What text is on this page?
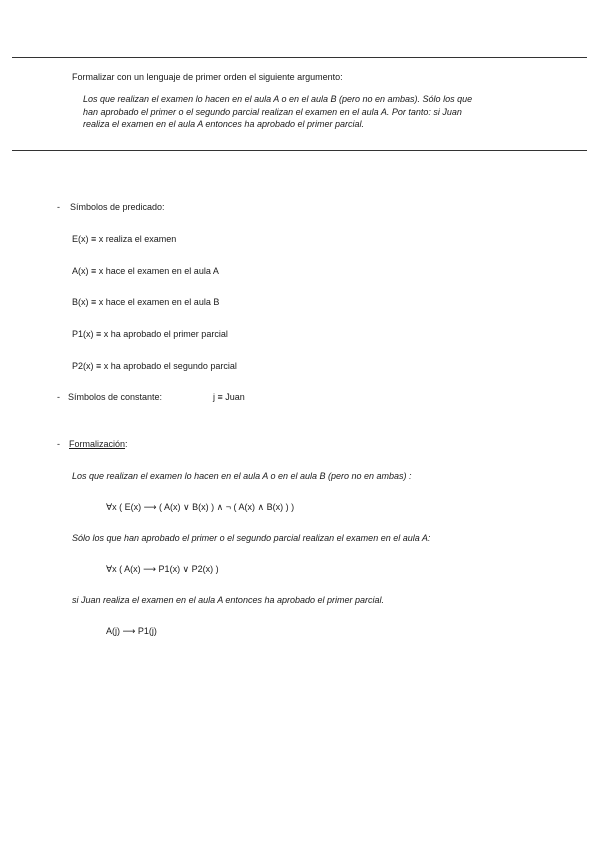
Formalizar con un lenguaje de primer orden el siguiente argumento:
Los que realizan el examen lo hacen en el aula A o en el aula B (pero no en ambas). Sólo los que
han aprobado el primer o el segundo parcial realizan el examen en el aula A. Por tanto: si Juan
realiza el examen en el aula A entonces ha aprobado el primer parcial.
- Símbolos de predicado:
E(x) ≡ x realiza el examen
A(x) ≡ x hace el examen en el aula A
B(x) ≡ x hace el examen en el aula B
P1(x) ≡ x ha aprobado el primer parcial
P2(x) ≡ x ha aprobado el segundo parcial
- Símbolos de constante:	j ≡ Juan
- Formalización:
Los que realizan el examen lo hacen en el aula A o en el aula B (pero no en ambas) :
∀x ( E(x) ⟶ ( A(x) ∨ B(x) ) ∧ ¬ ( A(x) ∧ B(x) ) )
Sólo los que han aprobado el primer o el segundo parcial realizan el examen en el aula A:
∀x ( A(x) ⟶ P1(x) ∨ P2(x) )
si Juan realiza el examen en el aula A entonces ha aprobado el primer parcial.
A(j) ⟶ P1(j)
